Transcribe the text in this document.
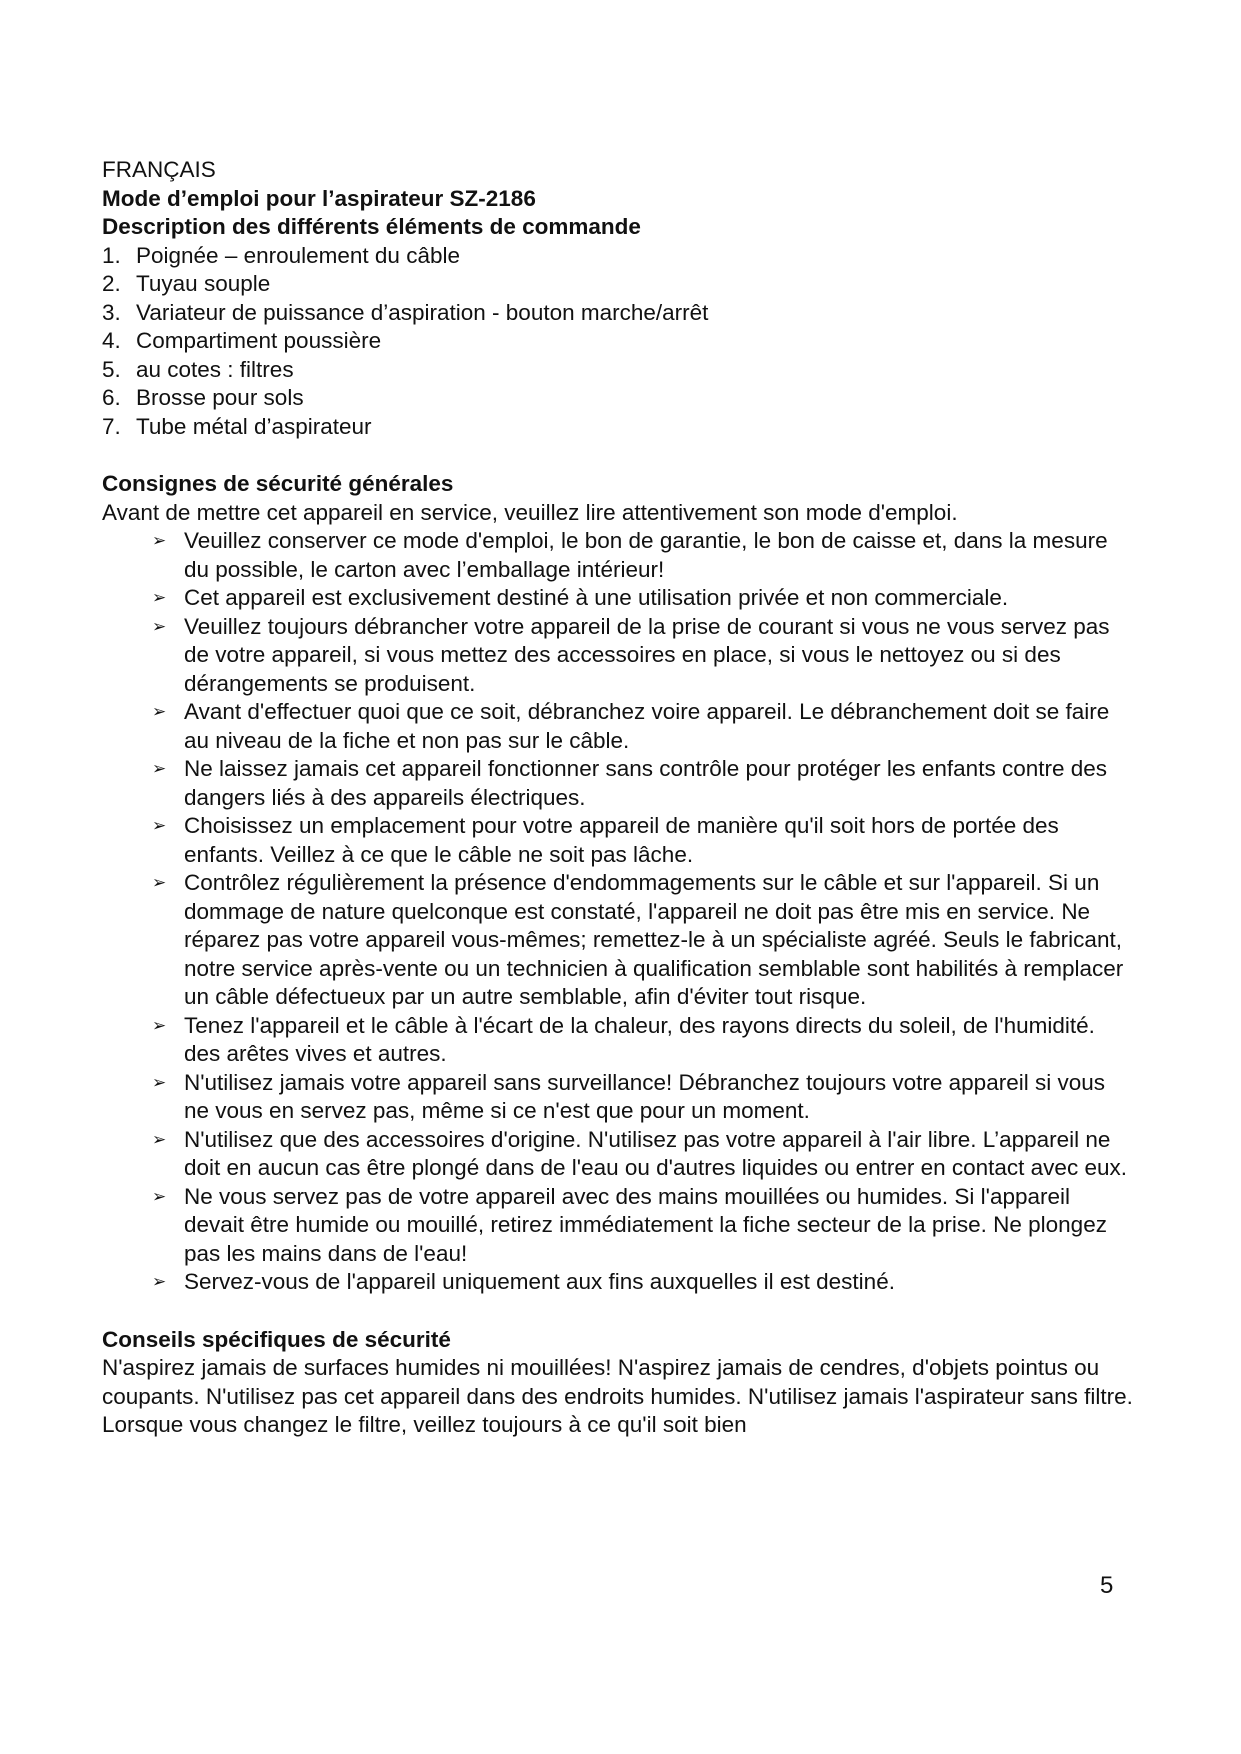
FRANÇAIS

Mode d’emploi pour l’aspirateur SZ-2186

Description des différents éléments de commande
1. Poignée – enroulement du câble
2. Tuyau souple
3. Variateur de puissance d’aspiration - bouton marche/arrêt
4. Compartiment poussière
5. au cotes : filtres
6. Brosse pour sols
7. Tube métal d’aspirateur
Consignes de sécurité générales

Avant de mettre cet appareil en service, veuillez lire attentivement son mode d'emploi.

➢ Veuillez conserver ce mode d'emploi, le bon de garantie, le bon de caisse et, dans la mesure du possible, le carton avec l’emballage intérieur!
➢ Cet appareil est exclusivement destiné à une utilisation privée et non commerciale.
➢ Veuillez toujours débrancher votre appareil de la prise de courant si vous ne vous servez pas de votre appareil, si vous mettez des accessoires en place, si vous le nettoyez ou si des dérangements se produisent.
➢ Avant d'effectuer quoi que ce soit, débranchez voire appareil. Le débranchement doit se faire au niveau de la fiche et non pas sur le câble.
➢ Ne laissez jamais cet appareil fonctionner sans contrôle pour protéger les enfants contre des dangers liés à des appareils électriques.
➢ Choisissez un emplacement pour votre appareil de manière qu'il soit hors de portée des enfants. Veillez à ce que le câble ne soit pas lâche.
➢ Contrôlez régulièrement la présence d'endommagements sur le câble et sur l'appareil. Si un dommage de nature quelconque est constaté, l'appareil ne doit pas être mis en service. Ne réparez pas votre appareil vous-mêmes; remettez-le à un spécialiste agréé. Seuls le fabricant, notre service après-vente ou un technicien à qualification semblable sont habilités à remplacer un câble défectueux par un autre semblable, afin d'éviter tout risque.
➢ Tenez l'appareil et le câble à l'écart de la chaleur, des rayons directs du soleil, de l'humidité. des arêtes vives et autres.
➢ N'utilisez jamais votre appareil sans surveillance! Débranchez toujours votre appareil si vous ne vous en servez pas, même si ce n'est que pour un moment.
➢ N'utilisez que des accessoires d'origine. N'utilisez pas votre appareil à l'air libre. L’appareil ne doit en aucun cas être plongé dans de l'eau ou d'autres liquides ou entrer en contact avec eux.
➢ Ne vous servez pas de votre appareil avec des mains mouillées ou humides. Si l'appareil devait être humide ou mouillé, retirez immédiatement la fiche secteur de la prise. Ne plongez pas les mains dans de l'eau!
➢ Servez-vous de l'appareil uniquement aux fins auxquelles il est destiné.
Conseils spécifiques de sécurité

N'aspirez jamais de surfaces humides ni mouillées! N'aspirez jamais de cendres, d'objets pointus ou coupants. N'utilisez pas cet appareil dans des endroits humides. N'utilisez jamais l'aspirateur sans filtre. Lorsque vous changez le filtre, veillez toujours à ce qu'il soit bien

5
